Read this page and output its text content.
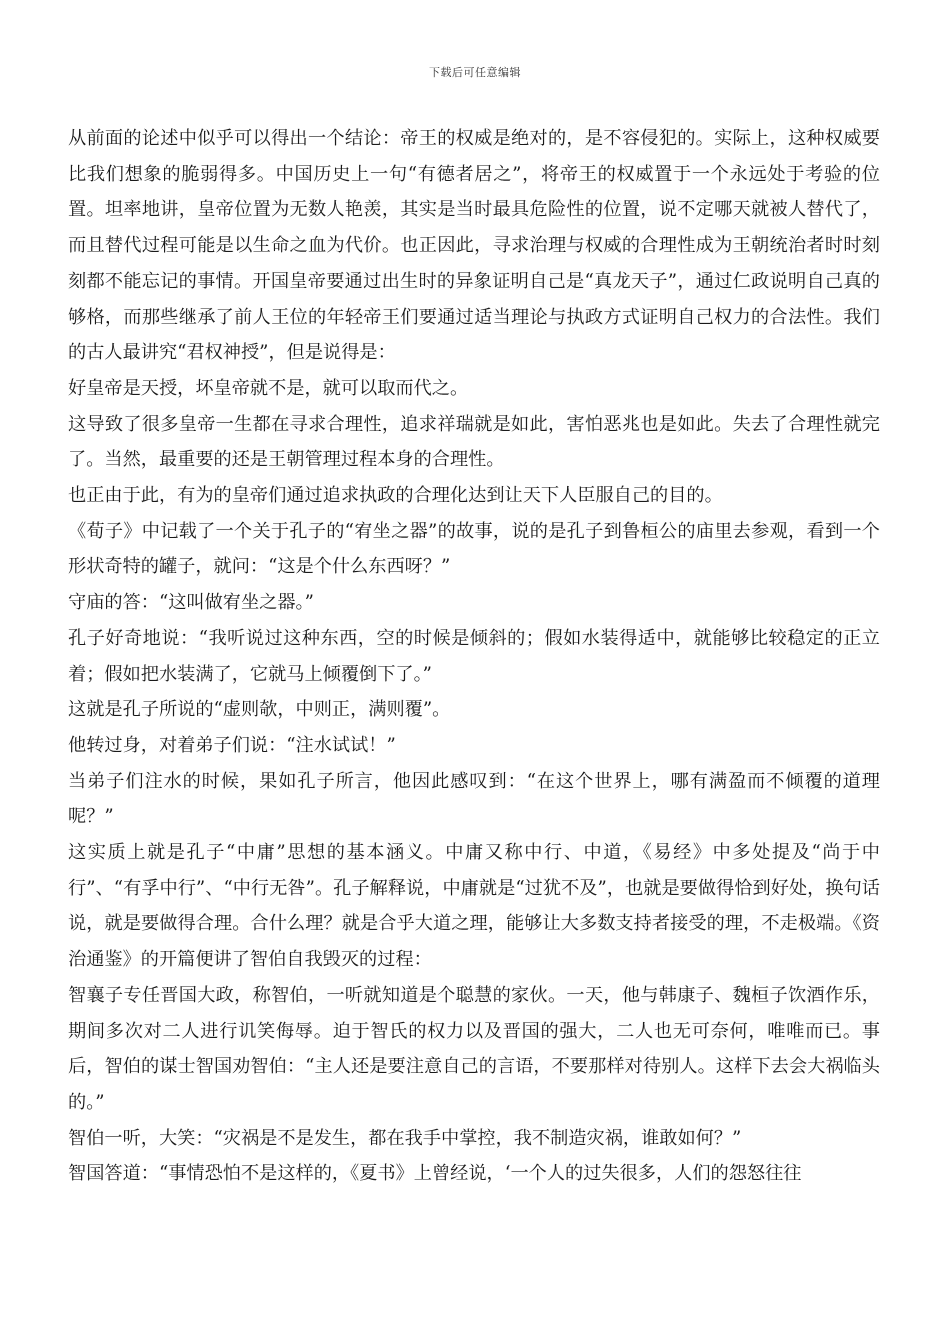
下载后可任意编辑

从前面的论述中似乎可以得出一个结论：帝王的权威是绝对的，是不容侵犯的。实际上，这种权威要比我们想象的脆弱得多。中国历史上一句“有德者居之”，将帝王的权威置于一个永远处于考验的位置。坦率地讲，皇帝位置为无数人艳羡，其实是当时最具危险性的位置，说不定哪天就被人替代了，而且替代过程可能是以生命之血为代价。也正因此，寻求治理与权威的合理性成为王朝统治者时时刻刻都不能忘记的事情。开国皇帝要通过出生时的异象证明自己是“真龙天子”，通过仁政说明自己真的够格，而那些继承了前人王位的年轻帝王们要通过适当理论与执政方式证明自己权力的合法性。我们的古人最讲究“君权神授”，但是说得是：

好皇帝是天授，坏皇帝就不是，就可以取而代之。

这导致了很多皇帝一生都在寻求合理性，追求祥瑞就是如此，害怕恶兆也是如此。失去了合理性就完了。当然，最重要的还是王朝管理过程本身的合理性。

也正由于此，有为的皇帝们通过追求执政的合理化达到让天下人臣服自己的目的。

《荀子》中记载了一个关于孔子的“宥坐之器”的故事，说的是孔子到鲁桓公的庙里去参观，看到一个形状奇特的罐子，就问：“这是个什么东西呀？”

守庙的答：“这叫做宥坐之器。”

孔子好奇地说：“我听说过这种东西，空的时候是倾斜的；假如水装得适中，就能够比较稳定的正立着；假如把水装满了，它就马上倾覆倒下了。”

这就是孔子所说的“虚则欹，中则正，满则覆”。

他转过身，对着弟子们说：“注水试试！”

当弟子们注水的时候，果如孔子所言，他因此感叹到：“在这个世界上，哪有满盈而不倾覆的道理呢？”

这实质上就是孔子“中庸”思想的基本涵义。中庸又称中行、中道，《易经》中多处提及“尚于中行”、“有孚中行”、“中行无咎”。孔子解释说，中庸就是“过犹不及”，也就是要做得恰到好处，换句话说，就是要做得合理。合什么理？就是合乎大道之理，能够让大多数支持者接受的理，不走极端。《资治通鉴》的开篇便讲了智伯自我毁灭的过程：

智襄子专任晋国大政，称智伯，一听就知道是个聪慧的家伙。一天，他与韩康子、魏桓子饮酒作乐，期间多次对二人进行讥笑侮辱。迫于智氏的权力以及晋国的强大，二人也无可奈何，唯唯而已。事后，智伯的谋士智国劝智伯：“主人还是要注意自己的言语，不要那样对待别人。这样下去会大祸临头的。”

智伯一听，大笑：“灾祸是不是发生，都在我手中掌控，我不制造灾祸，谁敢如何？”

智国答道：“事情恐怕不是这样的，《夏书》上曾经说，‘一个人的过失很多，人们的怨怒往往
